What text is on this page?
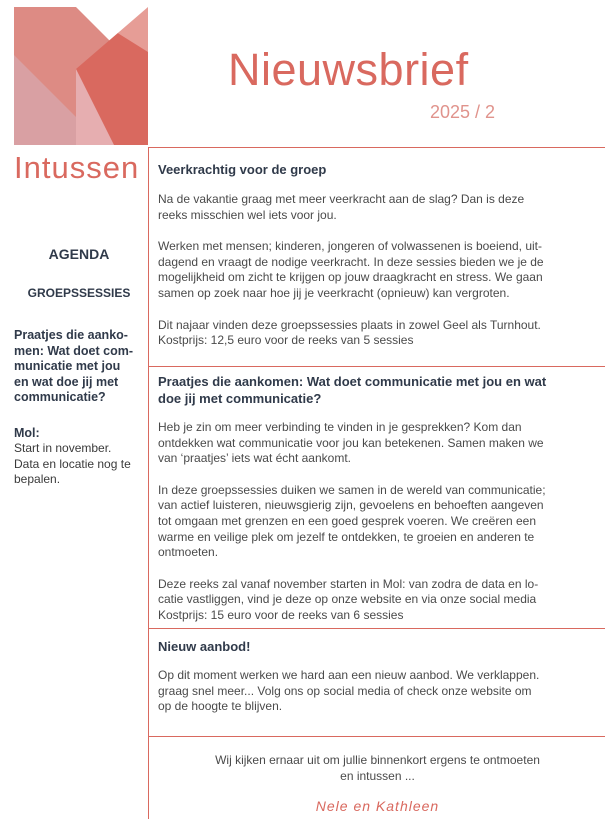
Intussen
Nieuwsbrief
2025 / 2
AGENDA
GROEPSSESSIES
Praatjes die aanko-
men: Wat doet com-
municatie met jou
en wat doe jij met
communicatie?
Mol:
Start in november.
Data en locatie nog te
bepalen.
Veerkrachtig voor de groep

Na de vakantie graag met meer veerkracht aan de slag? Dan is deze
reeks misschien wel iets voor jou.

Werken met mensen; kinderen, jongeren of volwassenen is boeiend, uit-
dagend en vraagt de nodige veerkracht. In deze sessies bieden we je de
mogelijkheid om zicht te krijgen op jouw draagkracht en stress. We gaan
samen op zoek naar hoe jij je veerkracht (opnieuw) kan vergroten.

Dit najaar vinden deze groepssessies plaats in zowel Geel als Turnhout.
Kostprijs: 12,5 euro voor de reeks van 5 sessies

Praatjes die aankomen: Wat doet communicatie met jou en wat
doe jij met communicatie?

Heb je zin om meer verbinding te vinden in je gesprekken? Kom dan
ontdekken wat communicatie voor jou kan betekenen. Samen maken we
van ‘praatjes’ iets wat écht aankomt.

In deze groepssessies duiken we samen in de wereld van communicatie;
van actief luisteren, nieuwsgierig zijn, gevoelens en behoeften aangeven
tot omgaan met grenzen en een goed gesprek voeren. We creëren een
warme en veilige plek om jezelf te ontdekken, te groeien en anderen te
ontmoeten.

Deze reeks zal vanaf november starten in Mol: van zodra de data en lo-
catie vastliggen, vind je deze op onze website en via onze social media
Kostprijs: 15 euro voor de reeks van 6 sessies

Nieuw aanbod!

Op dit moment werken we hard aan een nieuw aanbod. We verklappen.
graag snel meer... Volg ons op social media of check onze website om
op de hoogte te blijven.

Wij kijken ernaar uit om jullie binnenkort ergens te ontmoeten
en intussen ...
Nele en Kathleen
